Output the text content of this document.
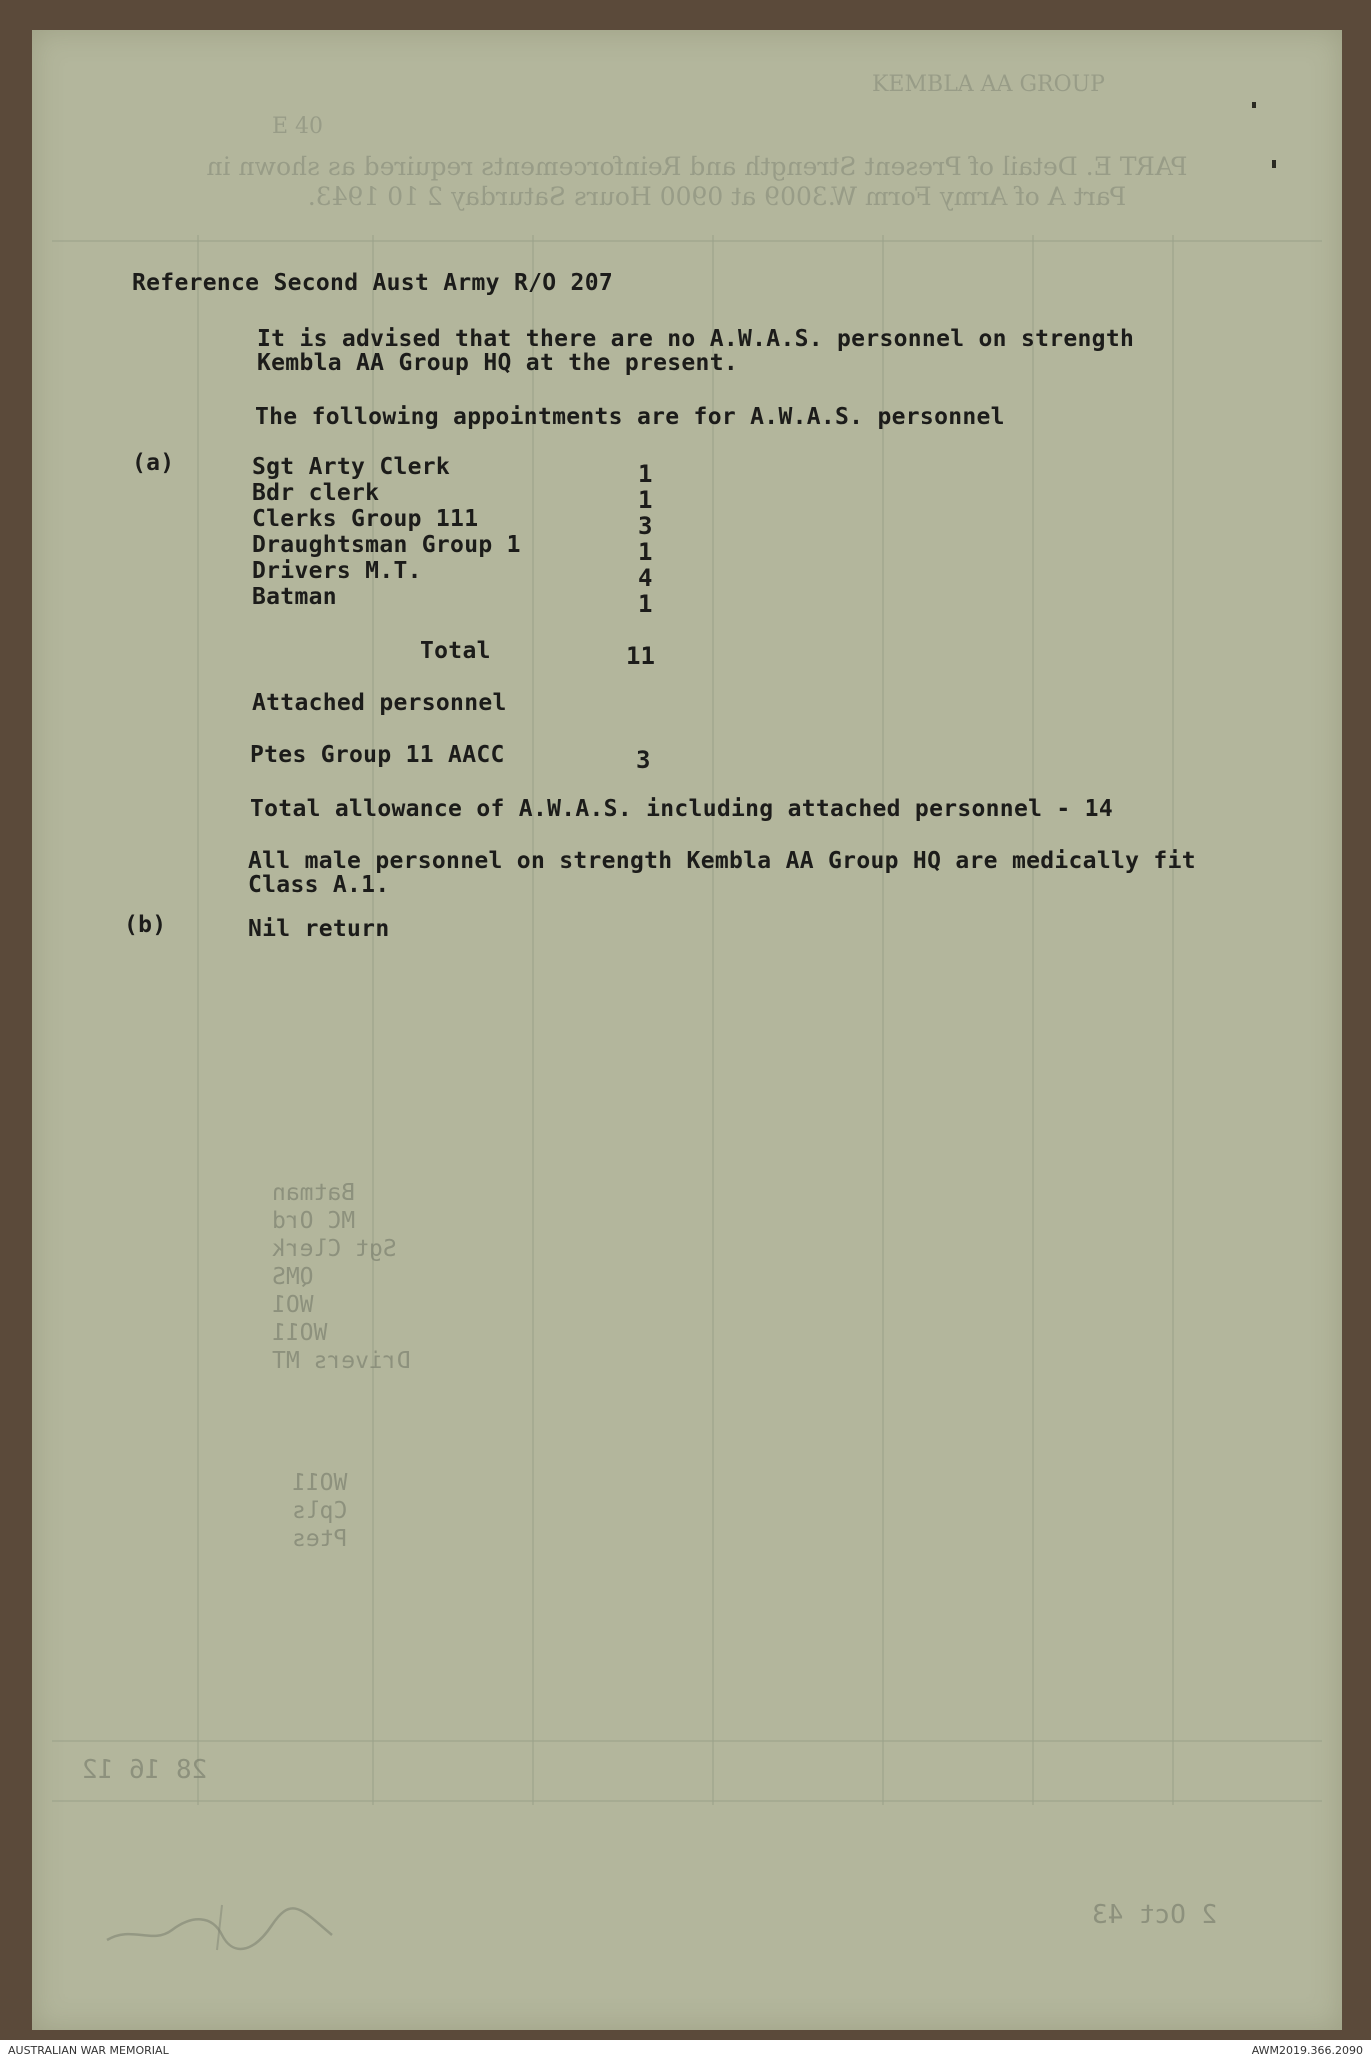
KEMBLA AA GROUP
E 40
PART E. Detail of Present Strength and Reinforcements required as shown in
Part A of Army Form W.3009 at 0900 Hours Saturday 2 10 1943.
Batman
MC Ord
Sgt Clerk
QMS
WO1
WO11
Drivers MT
WO11
Cpls
Ptes
28 16 12
2 Oct 43
Reference Second Aust Army R/O 207
It is advised that there are no A.W.A.S. personnel on strength
Kembla AA Group HQ at the present.
The following appointments are for A.W.A.S. personnel
(a)	Sgt Arty Clerk	1
Bdr clerk	1
Clerks Group 111	3
Draughtsman Group 1	1
Drivers M.T.	4
Batman	1
Total	11
Attached personnel
Ptes Group 11 AACC	3
Total allowance of A.W.A.S. including attached personnel - 14
All male personnel on strength Kembla AA Group HQ are medically fit
Class A.1.
(b)	Nil return
AUSTRALIAN WAR MEMORIAL	AWM2019.366.2090
